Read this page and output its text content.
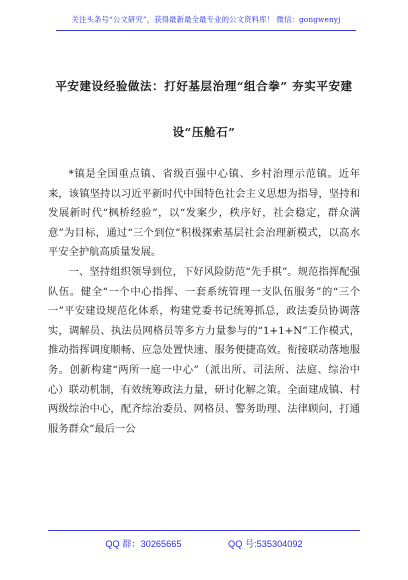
关注头条号“公文研究”，获得最新最全最专业的公文资料库！ 微信：gongwenyj
平安建设经验做法：打好基层治理“组合拳” 夯实平安建
设“压舱石”

*镇是全国重点镇、省级百强中心镇、乡村治理示范镇。近年来，该镇坚持以习近平新时代中国特色社会主义思想为指导，坚持和发展新时代“枫桥经验”，以“发案少，秩序好，社会稳定，群众满意”为目标，通过“三个到位”积极探索基层社会治理新模式，以高水平安全护航高质量发展。

一、坚持组织领导到位，下好风险防范“先手棋”。规范指挥配强队伍。健全“一个中心指挥、一套系统管理一支队伍服务”的“三个一”平安建设规范化体系，构建党委书记统筹抓总，政法委员协调落实，调解员、执法员网格员等多方力量参与的“1+1+N”工作模式，推动指挥调度顺畅、应急处置快速、服务便捷高效。衔接联动落地服务。创新构建“两所一庭一中心”（派出所、司法所、法庭、综治中心）联动机制，有效统筹政法力量，研讨化解之策。全面建成镇、村两级综治中心，配齐综治委员、网格员、警务助理、法律顾问，打通服务群众“最后一公

QQ 群：30265665	QQ 号:535304092
